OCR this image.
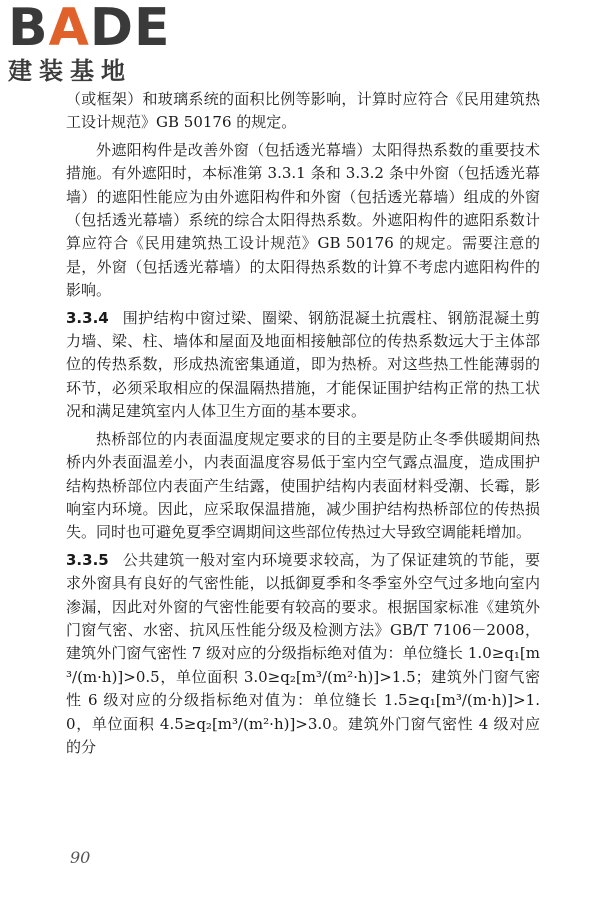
BADE
建装基地

（或框架）和玻璃系统的面积比例等影响，计算时应符合《民用建筑热工设计规范》GB 50176 的规定。

外遮阳构件是改善外窗（包括透光幕墙）太阳得热系数的重要技术措施。有外遮阳时，本标准第 3.3.1 条和 3.3.2 条中外窗（包括透光幕墙）的遮阳性能应为由外遮阳构件和外窗（包括透光幕墙）组成的外窗（包括透光幕墙）系统的综合太阳得热系数。外遮阳构件的遮阳系数计算应符合《民用建筑热工设计规范》GB 50176 的规定。需要注意的是，外窗（包括透光幕墙）的太阳得热系数的计算不考虑内遮阳构件的影响。

3.3.4 围护结构中窗过梁、圈梁、钢筋混凝土抗震柱、钢筋混凝土剪力墙、梁、柱、墙体和屋面及地面相接触部位的传热系数远大于主体部位的传热系数，形成热流密集通道，即为热桥。对这些热工性能薄弱的环节，必须采取相应的保温隔热措施，才能保证围护结构正常的热工状况和满足建筑室内人体卫生方面的基本要求。

热桥部位的内表面温度规定要求的目的主要是防止冬季供暖期间热桥内外表面温差小，内表面温度容易低于室内空气露点温度，造成围护结构热桥部位内表面产生结露，使围护结构内表面材料受潮、长霉，影响室内环境。因此，应采取保温措施，减少围护结构热桥部位的传热损失。同时也可避免夏季空调期间这些部位传热过大导致空调能耗增加。

3.3.5 公共建筑一般对室内环境要求较高，为了保证建筑的节能，要求外窗具有良好的气密性能，以抵御夏季和冬季室外空气过多地向室内渗漏，因此对外窗的气密性能要有较高的要求。根据国家标准《建筑外门窗气密、水密、抗风压性能分级及检测方法》GB/T 7106－2008，建筑外门窗气密性 7 级对应的分级指标绝对值为：单位缝长 1.0≥q₁[m³/(m·h)]>0.5，单位面积 3.0≥q₂[m³/(m²·h)]>1.5；建筑外门窗气密性 6 级对应的分级指标绝对值为：单位缝长 1.5≥q₁[m³/(m·h)]>1.0，单位面积 4.5≥q₂[m³/(m²·h)]>3.0。建筑外门窗气密性 4 级对应的分

90
